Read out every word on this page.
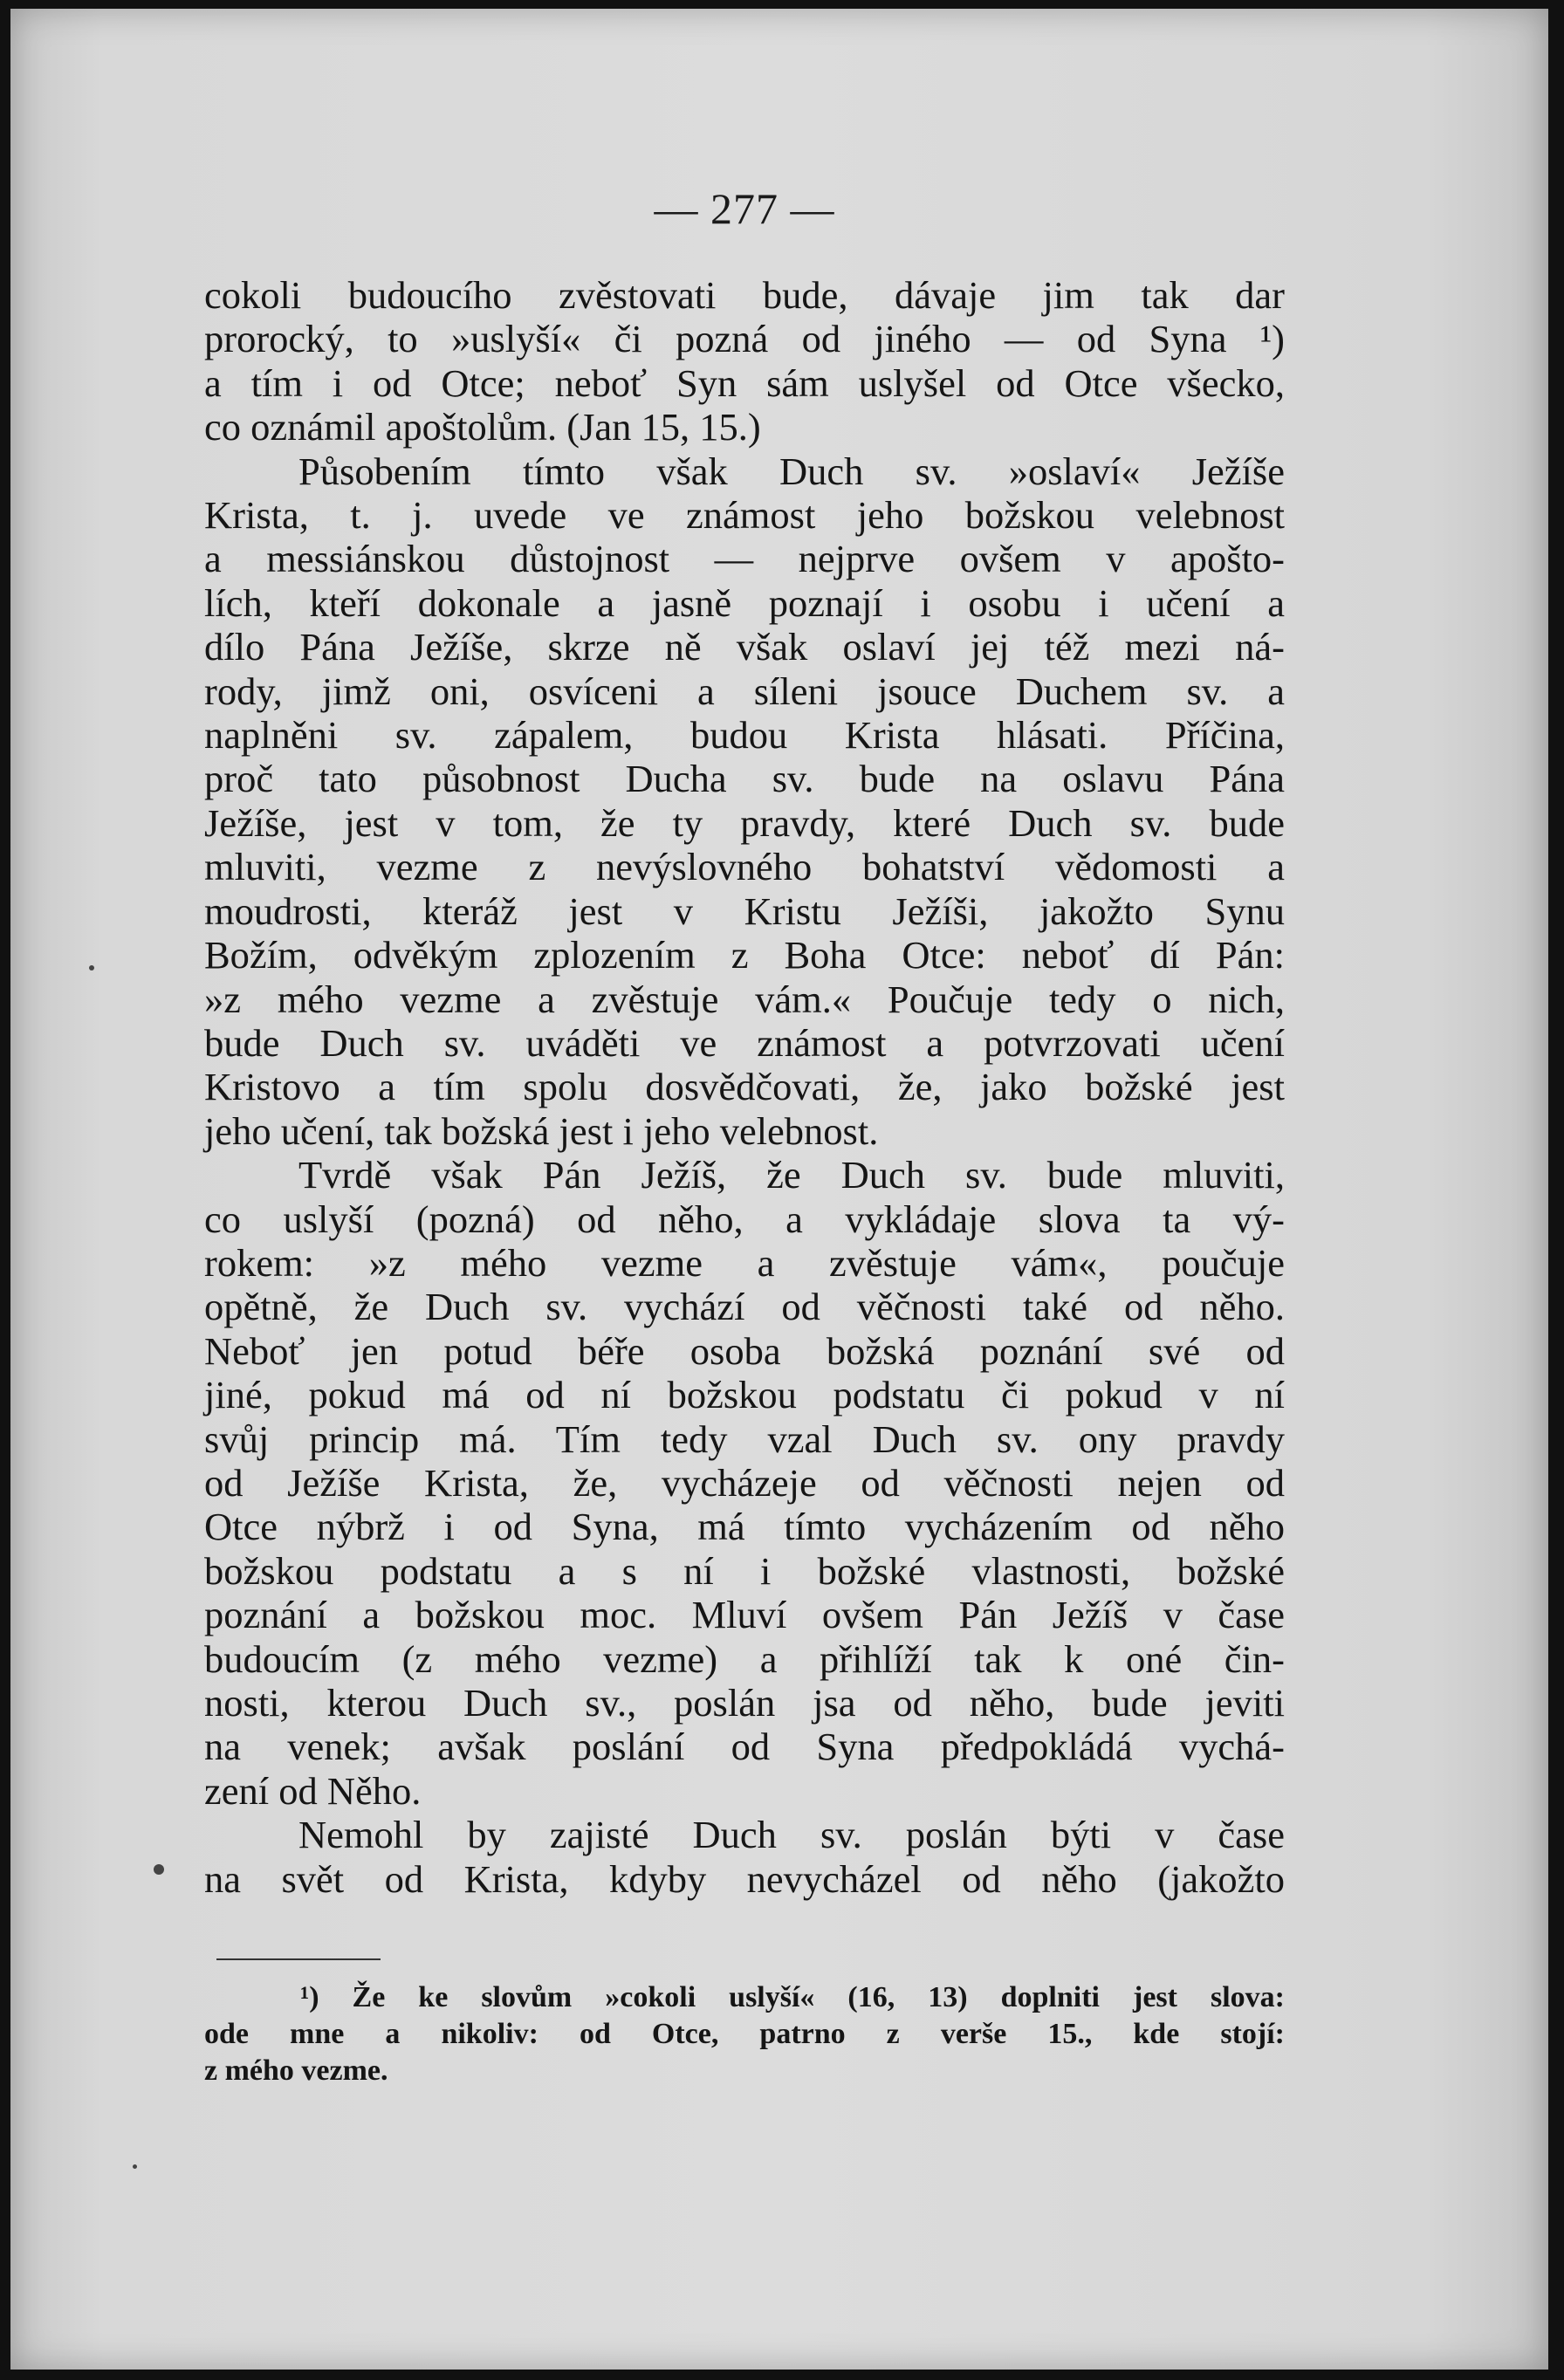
— 277 —
cokoli budoucího zvěstovati bude, dávaje jim tak dar
prorocký, to »uslyší« či pozná od jiného — od Syna ¹)
a tím i od Otce; neboť Syn sám uslyšel od Otce všecko,
co oznámil apoštolům. (Jan 15, 15.)
Působením tímto však Duch sv. »oslaví« Ježíše
Krista, t. j. uvede ve známost jeho božskou velebnost
a messiánskou důstojnost — nejprve ovšem v apošto-
lích, kteří dokonale a jasně poznají i osobu i učení a
dílo Pána Ježíše, skrze ně však oslaví jej též mezi ná-
rody, jimž oni, osvíceni a síleni jsouce Duchem sv. a
naplněni sv. zápalem, budou Krista hlásati. Příčina,
proč tato působnost Ducha sv. bude na oslavu Pána
Ježíše, jest v tom, že ty pravdy, které Duch sv. bude
mluviti, vezme z nevýslovného bohatství vědomosti a
moudrosti, kteráž jest v Kristu Ježíši, jakožto Synu
Božím, odvěkým zplozením z Boha Otce: neboť dí Pán:
»z mého vezme a zvěstuje vám.« Poučuje tedy o nich,
bude Duch sv. uváděti ve známost a potvrzovati učení
Kristovo a tím spolu dosvědčovati, že, jako božské jest
jeho učení, tak božská jest i jeho velebnost.
Tvrdě však Pán Ježíš, že Duch sv. bude mluviti,
co uslyší (pozná) od něho, a vykládaje slova ta vý-
rokem: »z mého vezme a zvěstuje vám«, poučuje
opětně, že Duch sv. vychází od věčnosti také od něho.
Neboť jen potud béře osoba božská poznání své od
jiné, pokud má od ní božskou podstatu či pokud v ní
svůj princip má. Tím tedy vzal Duch sv. ony pravdy
od Ježíše Krista, že, vycházeje od věčnosti nejen od
Otce nýbrž i od Syna, má tímto vycházením od něho
božskou podstatu a s ní i božské vlastnosti, božské
poznání a božskou moc. Mluví ovšem Pán Ježíš v čase
budoucím (z mého vezme) a přihlíží tak k oné čin-
nosti, kterou Duch sv., poslán jsa od něho, bude jeviti
na venek; avšak poslání od Syna předpokládá vychá-
zení od Něho.
Nemohl by zajisté Duch sv. poslán býti v čase
na svět od Krista, kdyby nevycházel od něho (jakožto
¹) Že ke slovům »cokoli uslyší« (16, 13) doplniti jest slova:
ode mne a nikoliv: od Otce, patrno z verše 15., kde stojí:
z mého vezme.
